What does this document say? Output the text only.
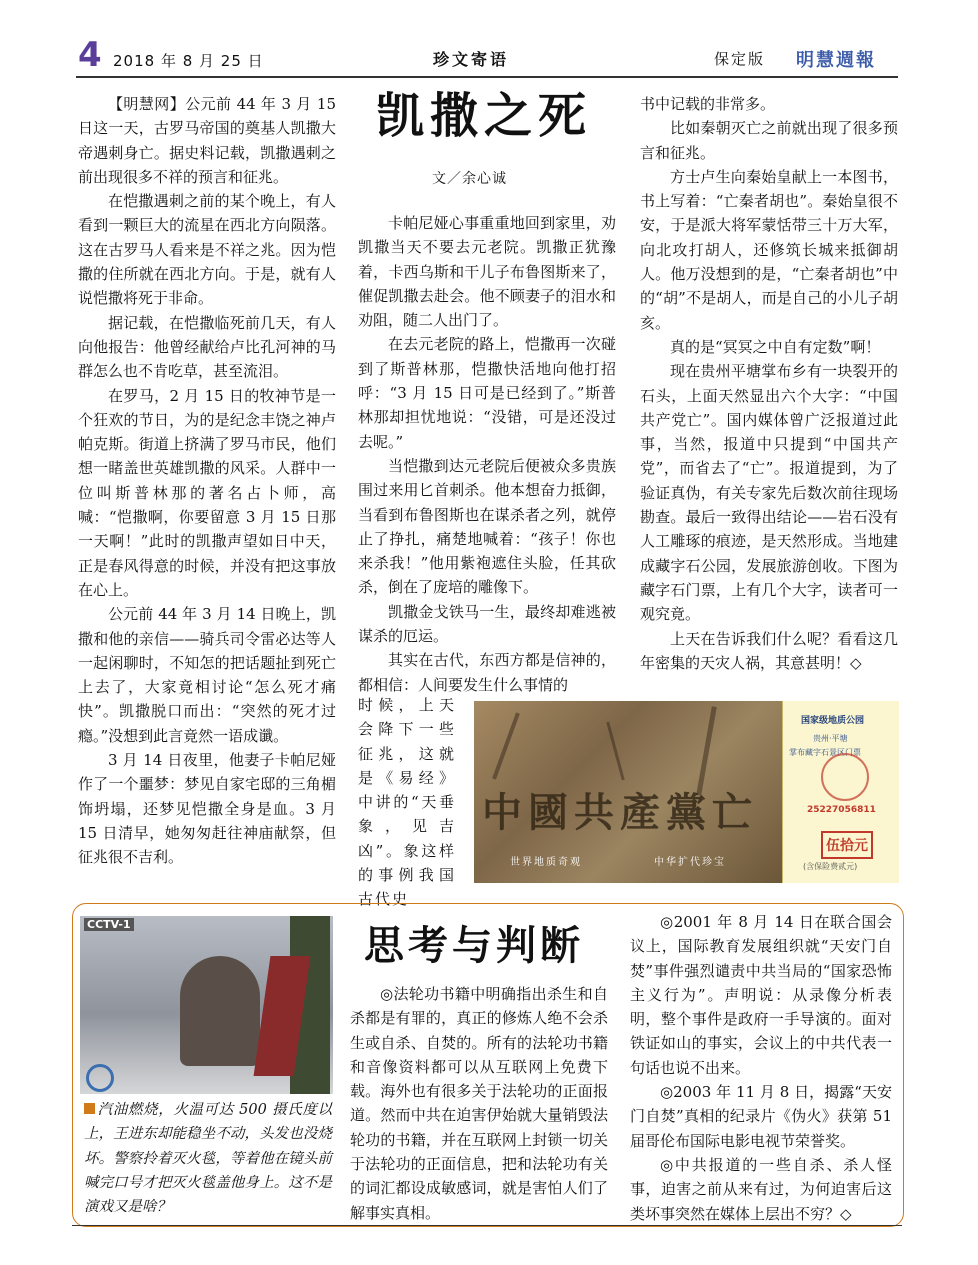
4 2018 年 8 月 25 日	珍文寄语	保定版 明慧週報
凯撒之死
文／余心诚

【明慧网】公元前 44 年 3 月 15 日这一天，古罗马帝国的奠基人凯撒大帝遇刺身亡。据史料记载，凯撒遇刺之前出现很多不祥的预言和征兆。

在恺撒遇刺之前的某个晚上，有人看到一颗巨大的流星在西北方向陨落。这在古罗马人看来是不祥之兆。因为恺撒的住所就在西北方向。于是，就有人说恺撒将死于非命。

据记载，在恺撒临死前几天，有人向他报告：他曾经献给卢比孔河神的马群怎么也不肯吃草，甚至流泪。

在罗马，2 月 15 日的牧神节是一个狂欢的节日，为的是纪念丰饶之神卢帕克斯。街道上挤满了罗马市民，他们想一睹盖世英雄凯撒的风采。人群中一位叫斯普林那的著名占卜师，高喊：“恺撒啊，你要留意 3 月 15 日那一天啊！”此时的凯撒声望如日中天，正是春风得意的时候，并没有把这事放在心上。

公元前 44 年 3 月 14 日晚上，凯撒和他的亲信——骑兵司令雷必达等人一起闲聊时，不知怎的把话题扯到死亡上去了，大家竟相讨论“怎么死才痛快”。凯撒脱口而出：“突然的死才过瘾。”没想到此言竟然一语成谶。

3 月 14 日夜里，他妻子卡帕尼娅作了一个噩梦：梦见自家宅邸的三角楣饰坍塌，还梦见恺撒全身是血。3 月 15 日清早，她匆匆赶往神庙献祭，但征兆很不吉利。

卡帕尼娅心事重重地回到家里，劝凯撒当天不要去元老院。凯撒正犹豫着，卡西乌斯和干儿子布鲁图斯来了，催促凯撒去赴会。他不顾妻子的泪水和劝阻，随二人出门了。

在去元老院的路上，恺撒再一次碰到了斯普林那，恺撒快活地向他打招呼：“3 月 15 日可是已经到了。”斯普林那却担忧地说：“没错，可是还没过去呢。”

当恺撒到达元老院后便被众多贵族围过来用匕首刺杀。他本想奋力抵御，当看到布鲁图斯也在谋杀者之列，就停止了挣扎，痛楚地喊着：“孩子！你也来杀我！”他用紫袍遮住头脸，任其砍杀，倒在了庞培的雕像下。

凯撒金戈铁马一生，最终却难逃被谋杀的厄运。

其实在古代，东西方都是信神的，都相信：人间要发生什么事情的

时候，上天会降下一些征兆，这就是《易经》中讲的“天垂象，见吉凶”。象这样的事例我国古代史

书中记载的非常多。

比如秦朝灭亡之前就出现了很多预言和征兆。

方士卢生向秦始皇献上一本图书，书上写着：“亡秦者胡也”。秦始皇很不安，于是派大将军蒙恬带三十万大军，向北攻打胡人，还修筑长城来抵御胡人。他万没想到的是，“亡秦者胡也”中的“胡”不是胡人，而是自己的小儿子胡亥。

真的是“冥冥之中自有定数”啊！

现在贵州平塘掌布乡有一块裂开的石头，上面天然显出六个大字：“中国共产党亡”。国内媒体曾广泛报道过此事，当然，报道中只提到“中国共产党”，而省去了“亡”。报道提到，为了验证真伪，有关专家先后数次前往现场勘查。最后一致得出结论——岩石没有人工雕琢的痕迹，是天然形成。当地建成藏字石公园，发展旅游创收。下图为藏字石门票，上有几个大字，读者可一观究竟。

上天在告诉我们什么呢？看看这几年密集的天灾人祸，其意甚明！◇

中國共產黨亡
世界地质奇观	中华扩代珍宝
国家级地质公园
贵州·平塘
掌布藏字石景区门票
25227056811
伍拾元
(含保险费贰元)
CCTV-1
汽油燃烧，火温可达 500 摄氏度以上，王进东却能稳坐不动，头发也没烧坏。警察拎着灭火毯，等着他在镜头前喊完口号才把灭火毯盖他身上。这不是演戏又是啥？
思考与判断

◎法轮功书籍中明确指出杀生和自杀都是有罪的，真正的修炼人绝不会杀生或自杀、自焚的。所有的法轮功书籍和音像资料都可以从互联网上免费下载。海外也有很多关于法轮功的正面报道。然而中共在迫害伊始就大量销毁法轮功的书籍，并在互联网上封锁一切关于法轮功的正面信息，把和法轮功有关的词汇都设成敏感词，就是害怕人们了解事实真相。

◎2001 年 8 月 14 日在联合国会议上，国际教育发展组织就“天安门自焚”事件强烈谴责中共当局的“国家恐怖主义行为”。声明说：从录像分析表明，整个事件是政府一手导演的。面对铁证如山的事实，会议上的中共代表一句话也说不出来。

◎2003 年 11 月 8 日，揭露“天安门自焚”真相的纪录片《伪火》获第 51 届哥伦布国际电影电视节荣誉奖。

◎中共报道的一些自杀、杀人怪事，迫害之前从来有过，为何迫害后这类坏事突然在媒体上层出不穷？◇
